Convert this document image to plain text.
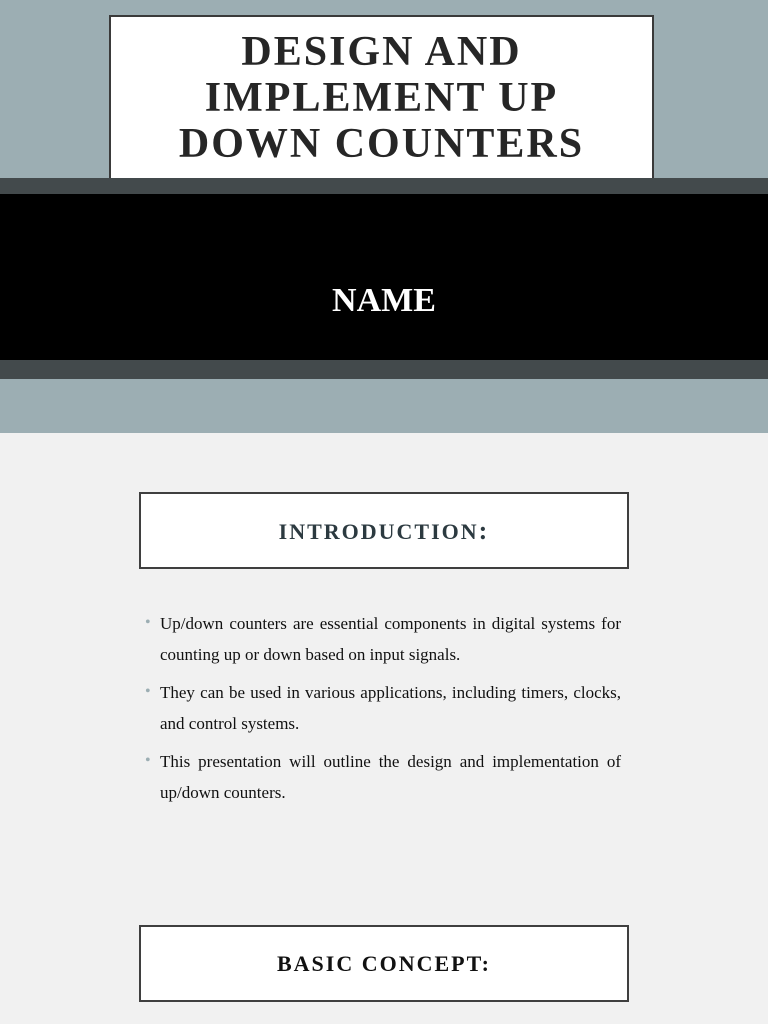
DESIGN AND IMPLEMENT UP DOWN COUNTERS

NAME

INTRODUCTION:
• Up/down counters are essential components in digital systems for counting up or down based on input signals.
• They can be used in various applications, including timers, clocks, and control systems.
• This presentation will outline the design and implementation of up/down counters.
BASIC CONCEPT:
